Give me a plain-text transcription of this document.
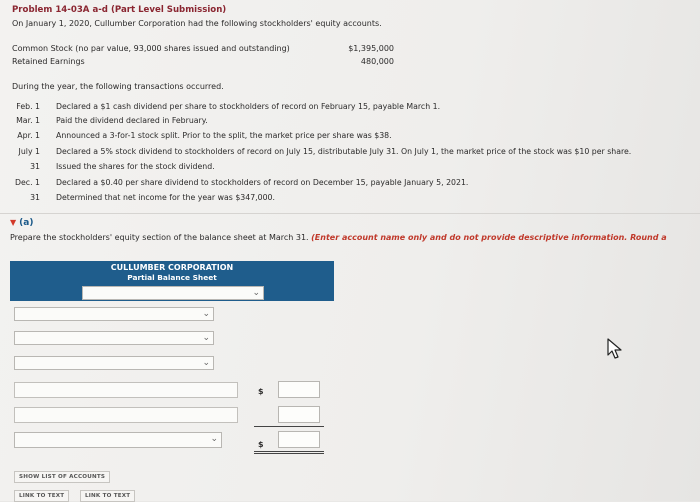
Problem 14-03A a-d (Part Level Submission)
On January 1, 2020, Cullumber Corporation had the following stockholders' equity accounts.
Common Stock (no par value, 93,000 shares issued and outstanding)	$1,395,000
Retained Earnings	480,000
During the year, the following transactions occurred.
Feb. 1 Declared a $1 cash dividend per share to stockholders of record on February 15, payable March 1.
Mar. 1 Paid the dividend declared in February.
Apr. 1 Announced a 3-for-1 stock split. Prior to the split, the market price per share was $38.
July 1 Declared a 5% stock dividend to stockholders of record on July 15, distributable July 31. On July 1, the market price of the stock was $10 per share.
31 Issued the shares for the stock dividend.
Dec. 1 Declared a $0.40 per share dividend to stockholders of record on December 15, payable January 5, 2021.
31 Determined that net income for the year was $347,000.
▼ (a)
Prepare the stockholders' equity section of the balance sheet at March 31. (Enter account name only and do not provide descriptive information. Round a
CULLUMBER CORPORATION
Partial Balance Sheet
⌄
⌄
⌄
⌄
$
⌄
$
SHOW LIST OF ACCOUNTS
LINK TO TEXT	LINK TO TEXT
